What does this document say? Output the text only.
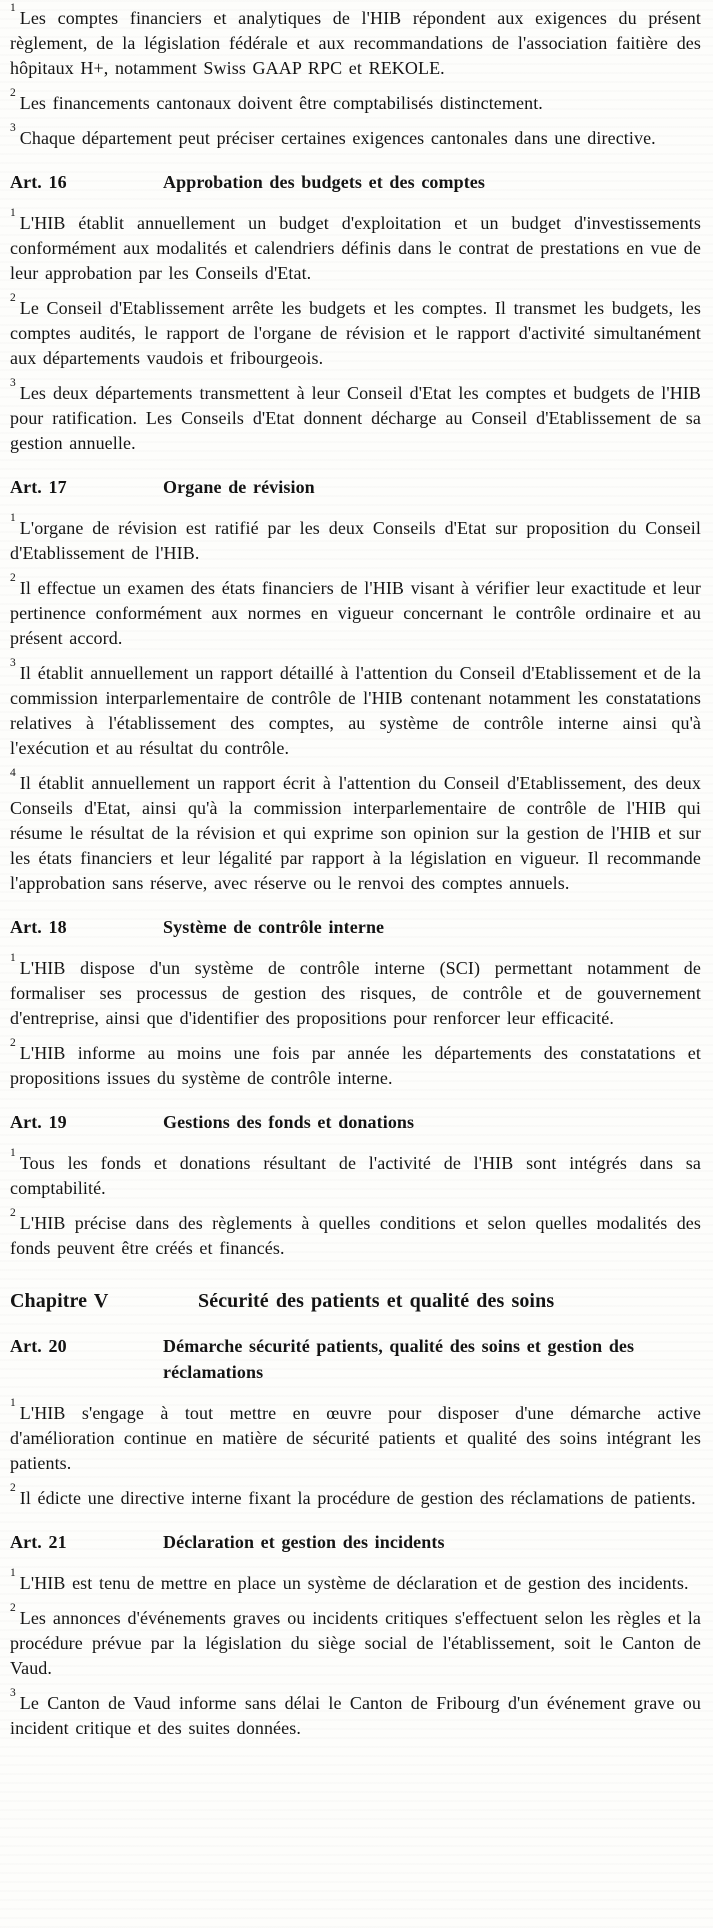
$^1$ Les comptes financiers et analytiques de l'HIB répondent aux exigences du présent règlement, de la législation fédérale et aux recommandations de l'association faitière des hôpitaux H+, notamment Swiss GAAP RPC et REKOLE.
$^2$ Les financements cantonaux doivent être comptabilisés distinctement.
$^3$ Chaque département peut préciser certaines exigences cantonales dans une directive.
Art. 16	Approbation des budgets et des comptes
$^1$ L'HIB établit annuellement un budget d'exploitation et un budget d'investissements conformément aux modalités et calendriers définis dans le contrat de prestations en vue de leur approbation par les Conseils d'Etat.
$^2$ Le Conseil d'Etablissement arrête les budgets et les comptes. Il transmet les budgets, les comptes audités, le rapport de l'organe de révision et le rapport d'activité simultanément aux départements vaudois et fribourgeois.
$^3$ Les deux départements transmettent à leur Conseil d'Etat les comptes et budgets de l'HIB pour ratification. Les Conseils d'Etat donnent décharge au Conseil d'Etablissement de sa gestion annuelle.
Art. 17	Organe de révision
$^1$ L'organe de révision est ratifié par les deux Conseils d'Etat sur proposition du Conseil d'Etablissement de l'HIB.
$^2$ Il effectue un examen des états financiers de l'HIB visant à vérifier leur exactitude et leur pertinence conformément aux normes en vigueur concernant le contrôle ordinaire et au présent accord.
$^3$ Il établit annuellement un rapport détaillé à l'attention du Conseil d'Etablissement et de la commission interparlementaire de contrôle de l'HIB contenant notamment les constatations relatives à l'établissement des comptes, au système de contrôle interne ainsi qu'à l'exécution et au résultat du contrôle.
$^4$ Il établit annuellement un rapport écrit à l'attention du Conseil d'Etablissement, des deux Conseils d'Etat, ainsi qu'à la commission interparlementaire de contrôle de l'HIB qui résume le résultat de la révision et qui exprime son opinion sur la gestion de l'HIB et sur les états financiers et leur légalité par rapport à la législation en vigueur. Il recommande l'approbation sans réserve, avec réserve ou le renvoi des comptes annuels.
Art. 18	Système de contrôle interne
$^1$ L'HIB dispose d'un système de contrôle interne (SCI) permettant notamment de formaliser ses processus de gestion des risques, de contrôle et de gouvernement d'entreprise, ainsi que d'identifier des propositions pour renforcer leur efficacité.
$^2$ L'HIB informe au moins une fois par année les départements des constatations et propositions issues du système de contrôle interne.
Art. 19	Gestions des fonds et donations
$^1$ Tous les fonds et donations résultant de l'activité de l'HIB sont intégrés dans sa comptabilité.
$^2$ L'HIB précise dans des règlements à quelles conditions et selon quelles modalités des fonds peuvent être créés et financés.
Chapitre V	Sécurité des patients et qualité des soins
Art. 20	Démarche sécurité patients, qualité des soins et gestion des réclamations
$^1$ L'HIB s'engage à tout mettre en œuvre pour disposer d'une démarche active d'amélioration continue en matière de sécurité patients et qualité des soins intégrant les patients.
$^2$ Il édicte une directive interne fixant la procédure de gestion des réclamations de patients.
Art. 21	Déclaration et gestion des incidents
$^1$ L'HIB est tenu de mettre en place un système de déclaration et de gestion des incidents.
$^2$ Les annonces d'événements graves ou incidents critiques s'effectuent selon les règles et la procédure prévue par la législation du siège social de l'établissement, soit le Canton de Vaud.
$^3$ Le Canton de Vaud informe sans délai le Canton de Fribourg d'un événement grave ou incident critique et des suites données.
